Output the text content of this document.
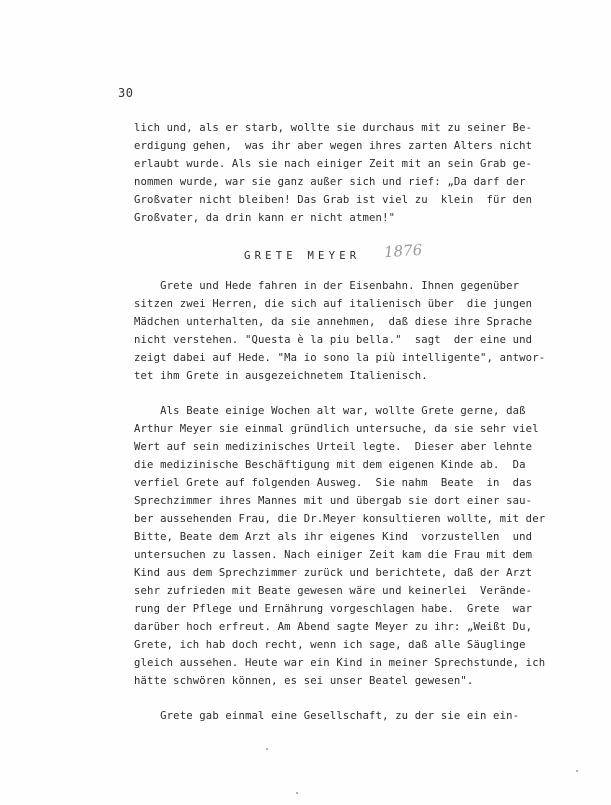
30
lich und, als er starb, wollte sie durchaus mit zu seiner Be-
erdigung gehen,  was ihr aber wegen ihres zarten Alters nicht
erlaubt wurde. Als sie nach einiger Zeit mit an sein Grab ge-
nommen wurde, war sie ganz außer sich und rief: „Da darf der
Großvater nicht bleiben! Das Grab ist viel zu  klein  für den
Großvater, da drin kann er nicht atmen!"
GRETE MEYER 1876
Grete und Hede fahren in der Eisenbahn. Ihnen gegenüber
sitzen zwei Herren, die sich auf italienisch über  die jungen
Mädchen unterhalten, da sie annehmen,  daß diese ihre Sprache
nicht verstehen. "Questa è la piu bella."  sagt  der eine und
zeigt dabei auf Hede. "Ma io sono la più intelligente", antwor-
tet ihm Grete in ausgezeichnetem Italienisch.
Als Beate einige Wochen alt war, wollte Grete gerne, daß
Arthur Meyer sie einmal gründlich untersuche, da sie sehr viel
Wert auf sein medizinisches Urteil legte.  Dieser aber lehnte
die medizinische Beschäftigung mit dem eigenen Kinde ab.  Da
verfiel Grete auf folgenden Ausweg.  Sie nahm  Beate  in  das
Sprechzimmer ihres Mannes mit und übergab sie dort einer sau-
ber aussehenden Frau, die Dr.Meyer konsultieren wollte, mit der
Bitte, Beate dem Arzt als ihr eigenes Kind  vorzustellen  und
untersuchen zu lassen. Nach einiger Zeit kam die Frau mit dem
Kind aus dem Sprechzimmer zurück und berichtete, daß der Arzt
sehr zufrieden mit Beate gewesen wäre und keinerlei  Verände-
rung der Pflege und Ernährung vorgeschlagen habe.  Grete  war
darüber hoch erfreut. Am Abend sagte Meyer zu ihr: „Weißt Du,
Grete, ich hab doch recht, wenn ich sage, daß alle Säuglinge
gleich aussehen. Heute war ein Kind in meiner Sprechstunde, ich
hätte schwören können, es sei unser Beatel gewesen".
Grete gab einmal eine Gesellschaft, zu der sie ein ein-
